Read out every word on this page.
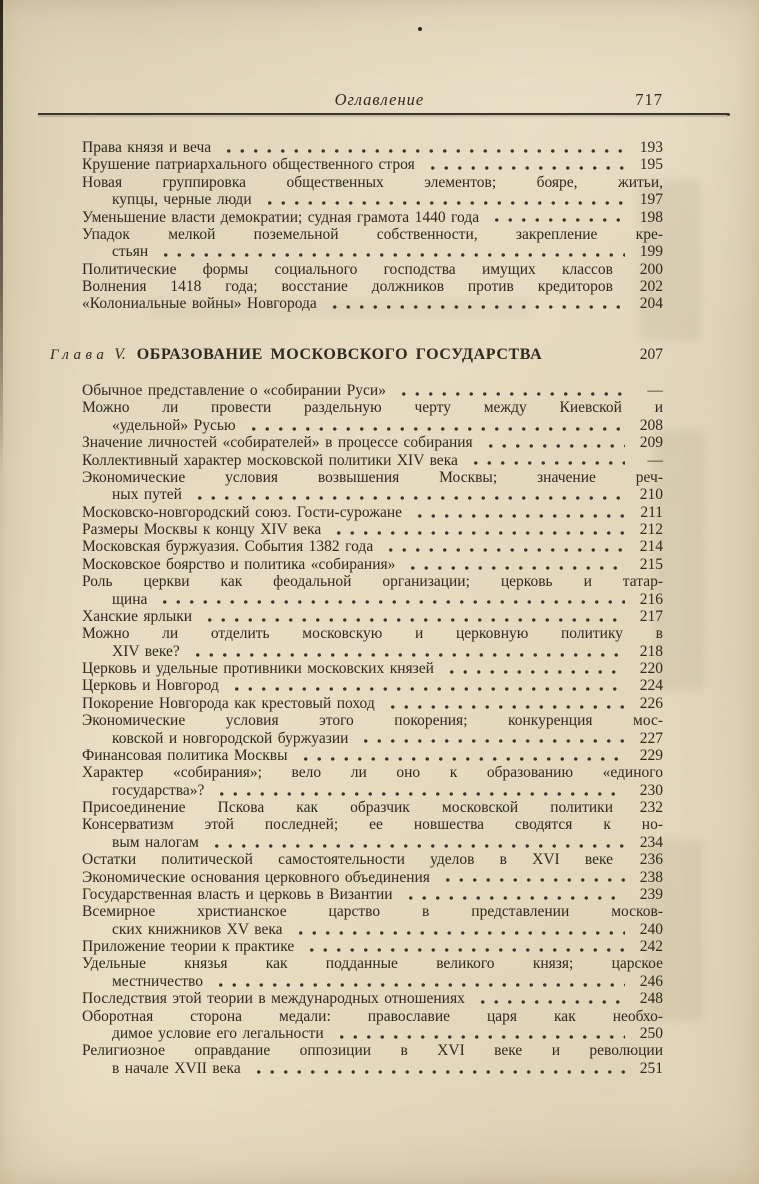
Оглавление	717
Права князя и веча	193
Крушение патриархального общественного строя	195
Новая группировка общественных элементов; бояре, житьи,
купцы, черные люди	197
Уменьшение власти демократии; судная грамота 1440 года	198
Упадок мелкой поземельной собственности, закрепление кре-
стьян	199
Политические формы социального господства имущих классов	200
Волнения 1418 года; восстание должников против кредиторов	202
«Колониальные войны» Новгорода	204
Глава V. ОБРАЗОВАНИЕ МОСКОВСКОГО ГОСУДАРСТВА	207
Обычное представление о «собирании Руси»	—
Можно ли провести раздельную черту между Киевской и
«удельной» Русью	208
Значение личностей «собирателей» в процессе собирания	209
Коллективный характер московской политики XIV века	—
Экономические условия возвышения Москвы; значение реч-
ных путей	210
Московско-новгородский союз. Гости-сурожане	211
Размеры Москвы к концу XIV века	212
Московская буржуазия. События 1382 года	214
Московское боярство и политика «собирания»	215
Роль церкви как феодальной организации; церковь и татар-
щина	216
Ханские ярлыки	217
Можно ли отделить московскую и церковную политику в
XIV веке?	218
Церковь и удельные противники московских князей	220
Церковь и Новгород	224
Покорение Новгорода как крестовый поход	226
Экономические условия этого покорения; конкуренция мос-
ковской и новгородской буржуазии	227
Финансовая политика Москвы	229
Характер «собирания»; вело ли оно к образованию «единого
государства»?	230
Присоединение Пскова как образчик московской политики	232
Консерватизм этой последней; ее новшества сводятся к но-
вым налогам	234
Остатки политической самостоятельности уделов в XVI веке	236
Экономические основания церковного объединения	238
Государственная власть и церковь в Византии	239
Всемирное христианское царство в представлении москов-
ских книжников XV века	240
Приложение теории к практике	242
Удельные князья как подданные великого князя; царское
местничество	246
Последствия этой теории в международных отношениях	248
Оборотная сторона медали: православие царя как необхо-
димое условие его легальности	250
Религиозное оправдание оппозиции в XVI веке и революции
в начале XVII века	251
